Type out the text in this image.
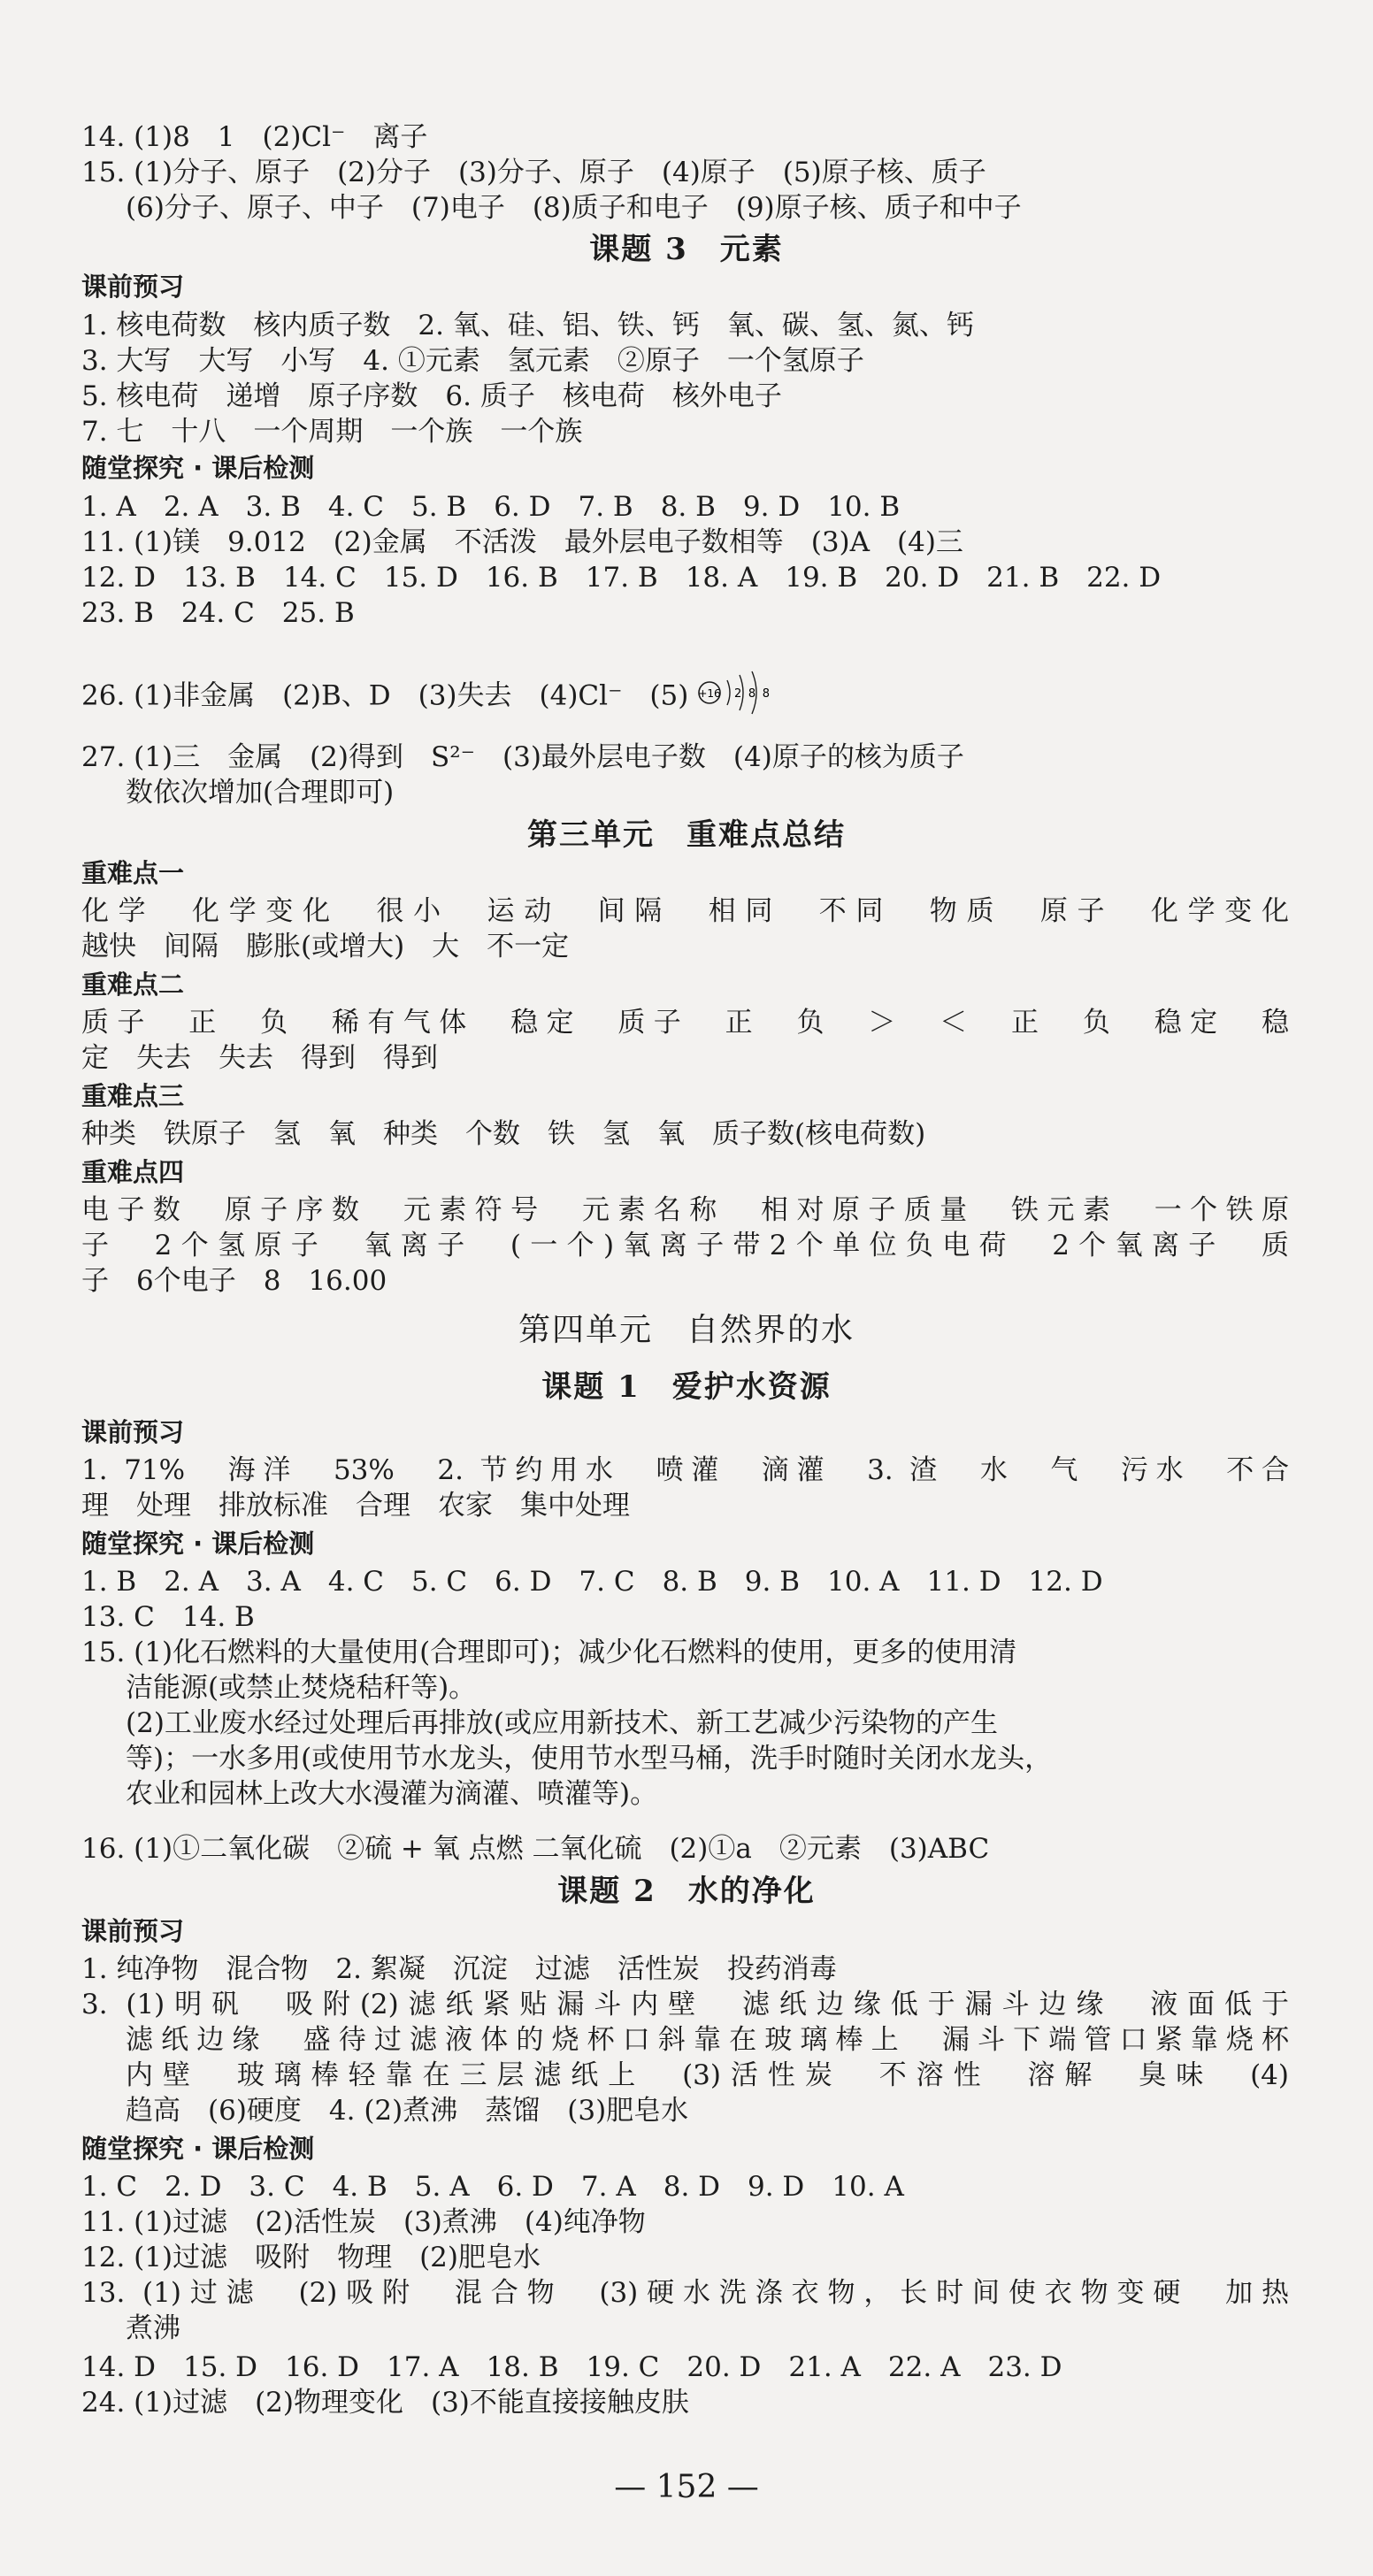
14. (1)8　1　(2)Cl⁻　离子
15. (1)分子、原子　(2)分子　(3)分子、原子　(4)原子　(5)原子核、质子
(6)分子、原子、中子　(7)电子　(8)质子和电子　(9)原子核、质子和中子
课题 3　元素
课前预习
1. 核电荷数　核内质子数　2. 氧、硅、铝、铁、钙　氧、碳、氢、氮、钙
3. 大写　大写　小写　4. ①元素　氢元素　②原子　一个氢原子
5. 核电荷　递增　原子序数　6. 质子　核电荷　核外电子
7. 七　十八　一个周期　一个族　一个族
随堂探究 · 课后检测
1. A　2. A　3. B　4. C　5. B　6. D　7. B　8. B　9. D　10. B
11. (1)镁　9.012　(2)金属　不活泼　最外层电子数相等　(3)A　(4)三
12. D　13. B　14. C　15. D　16. B　17. B　18. A　19. B　20. D　21. B　22. D
23. B　24. C　25. B
26. (1)非金属　(2)B、D　(3)失去　(4)Cl⁻　(5) +16 2 8 8
27. (1)三　金属　(2)得到　S²⁻　(3)最外层电子数　(4)原子的核为质子
数依次增加(合理即可)
第三单元　重难点总结
重难点一
化学　化学变化　很小　运动　间隔　相同　不同　物质　原子　化学变化
越快　间隔　膨胀(或增大)　大　不一定
重难点二
质子　正　负　稀有气体　稳定　质子　正　负　＞　＜　正　负　稳定　稳
定　失去　失去　得到　得到
重难点三
种类　铁原子　氢　氧　种类　个数　铁　氢　氧　质子数(核电荷数)
重难点四
电子数　原子序数　元素符号　元素名称　相对原子质量　铁元素　一个铁原
子　2个氢原子　氧离子　(一个)氧离子带2个单位负电荷　2个氧离子　质
子　6个电子　8　16.00
第四单元　自然界的水
课题 1　爱护水资源
课前预习
1. 71%　海洋　53%　2. 节约用水　喷灌　滴灌　3. 渣　水　气　污水　不合
理　处理　排放标准　合理　农家　集中处理
随堂探究 · 课后检测
1. B　2. A　3. A　4. C　5. C　6. D　7. C　8. B　9. B　10. A　11. D　12. D
13. C　14. B
15. (1)化石燃料的大量使用(合理即可)；减少化石燃料的使用，更多的使用清
洁能源(或禁止焚烧秸秆等)。
(2)工业废水经过处理后再排放(或应用新技术、新工艺减少污染物的产生
等)；一水多用(或使用节水龙头，使用节水型马桶，洗手时随时关闭水龙头，
农业和园林上改大水漫灌为滴灌、喷灌等)。
16. (1)①二氧化碳　②硫 + 氧 点燃 二氧化硫　(2)①a　②元素　(3)ABC
课题 2　水的净化
课前预习
1. 纯净物　混合物　2. 絮凝　沉淀　过滤　活性炭　投药消毒
3. (1)明矾　吸附(2)滤纸紧贴漏斗内壁　滤纸边缘低于漏斗边缘　液面低于
滤纸边缘　盛待过滤液体的烧杯口斜靠在玻璃棒上　漏斗下端管口紧靠烧杯
内壁　玻璃棒轻靠在三层滤纸上　(3)活性炭　不溶性　溶解　臭味　(4)
趋高　(6)硬度　4. (2)煮沸　蒸馏　(3)肥皂水
随堂探究 · 课后检测
1. C　2. D　3. C　4. B　5. A　6. D　7. A　8. D　9. D　10. A
11. (1)过滤　(2)活性炭　(3)煮沸　(4)纯净物
12. (1)过滤　吸附　物理　(2)肥皂水
13. (1)过滤　(2)吸附　混合物　(3)硬水洗涤衣物，长时间使衣物变硬　加热
煮沸
14. D　15. D　16. D　17. A　18. B　19. C　20. D　21. A　22. A　23. D
24. (1)过滤　(2)物理变化　(3)不能直接接触皮肤
— 152 —
